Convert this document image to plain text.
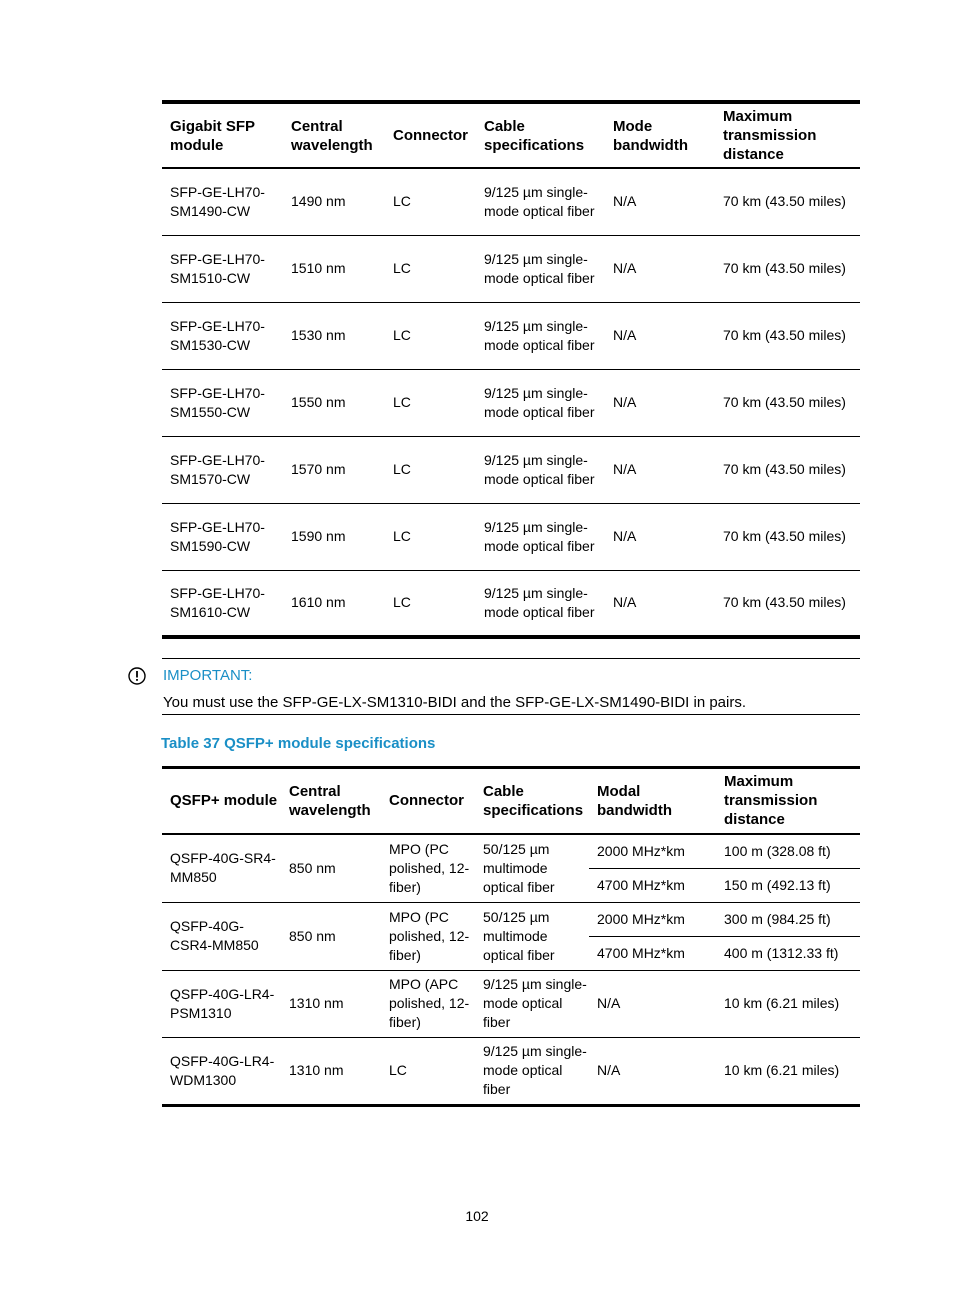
Gigabit SFP module	Central wavelength	Connector	Cable specifications	Mode bandwidth	Maximum transmission distance
SFP-GE-LH70-SM1490-CW	1490 nm	LC	9/125 µm single-mode optical fiber	N/A	70 km (43.50 miles)
SFP-GE-LH70-SM1510-CW	1510 nm	LC	9/125 µm single-mode optical fiber	N/A	70 km (43.50 miles)
SFP-GE-LH70-SM1530-CW	1530 nm	LC	9/125 µm single-mode optical fiber	N/A	70 km (43.50 miles)
SFP-GE-LH70-SM1550-CW	1550 nm	LC	9/125 µm single-mode optical fiber	N/A	70 km (43.50 miles)
SFP-GE-LH70-SM1570-CW	1570 nm	LC	9/125 µm single-mode optical fiber	N/A	70 km (43.50 miles)
SFP-GE-LH70-SM1590-CW	1590 nm	LC	9/125 µm single-mode optical fiber	N/A	70 km (43.50 miles)
SFP-GE-LH70-SM1610-CW	1610 nm	LC	9/125 µm single-mode optical fiber	N/A	70 km (43.50 miles)
IMPORTANT:
You must use the SFP-GE-LX-SM1310-BIDI and the SFP-GE-LX-SM1490-BIDI in pairs.
Table 37 QSFP+ module specifications
QSFP+ module	Central wavelength	Connector	Cable specifications	Modal bandwidth	Maximum transmission distance
QSFP-40G-SR4-MM850	850 nm	MPO (PC polished, 12-fiber)	50/125 µm multimode optical fiber	2000 MHz*km	100 m (328.08 ft)
				4700 MHz*km	150 m (492.13 ft)
QSFP-40G-CSR4-MM850	850 nm	MPO (PC polished, 12-fiber)	50/125 µm multimode optical fiber	2000 MHz*km	300 m (984.25 ft)
				4700 MHz*km	400 m (1312.33 ft)
QSFP-40G-LR4-PSM1310	1310 nm	MPO (APC polished, 12-fiber)	9/125 µm single-mode optical fiber	N/A	10 km (6.21 miles)
QSFP-40G-LR4-WDM1300	1310 nm	LC	9/125 µm single-mode optical fiber	N/A	10 km (6.21 miles)
102
